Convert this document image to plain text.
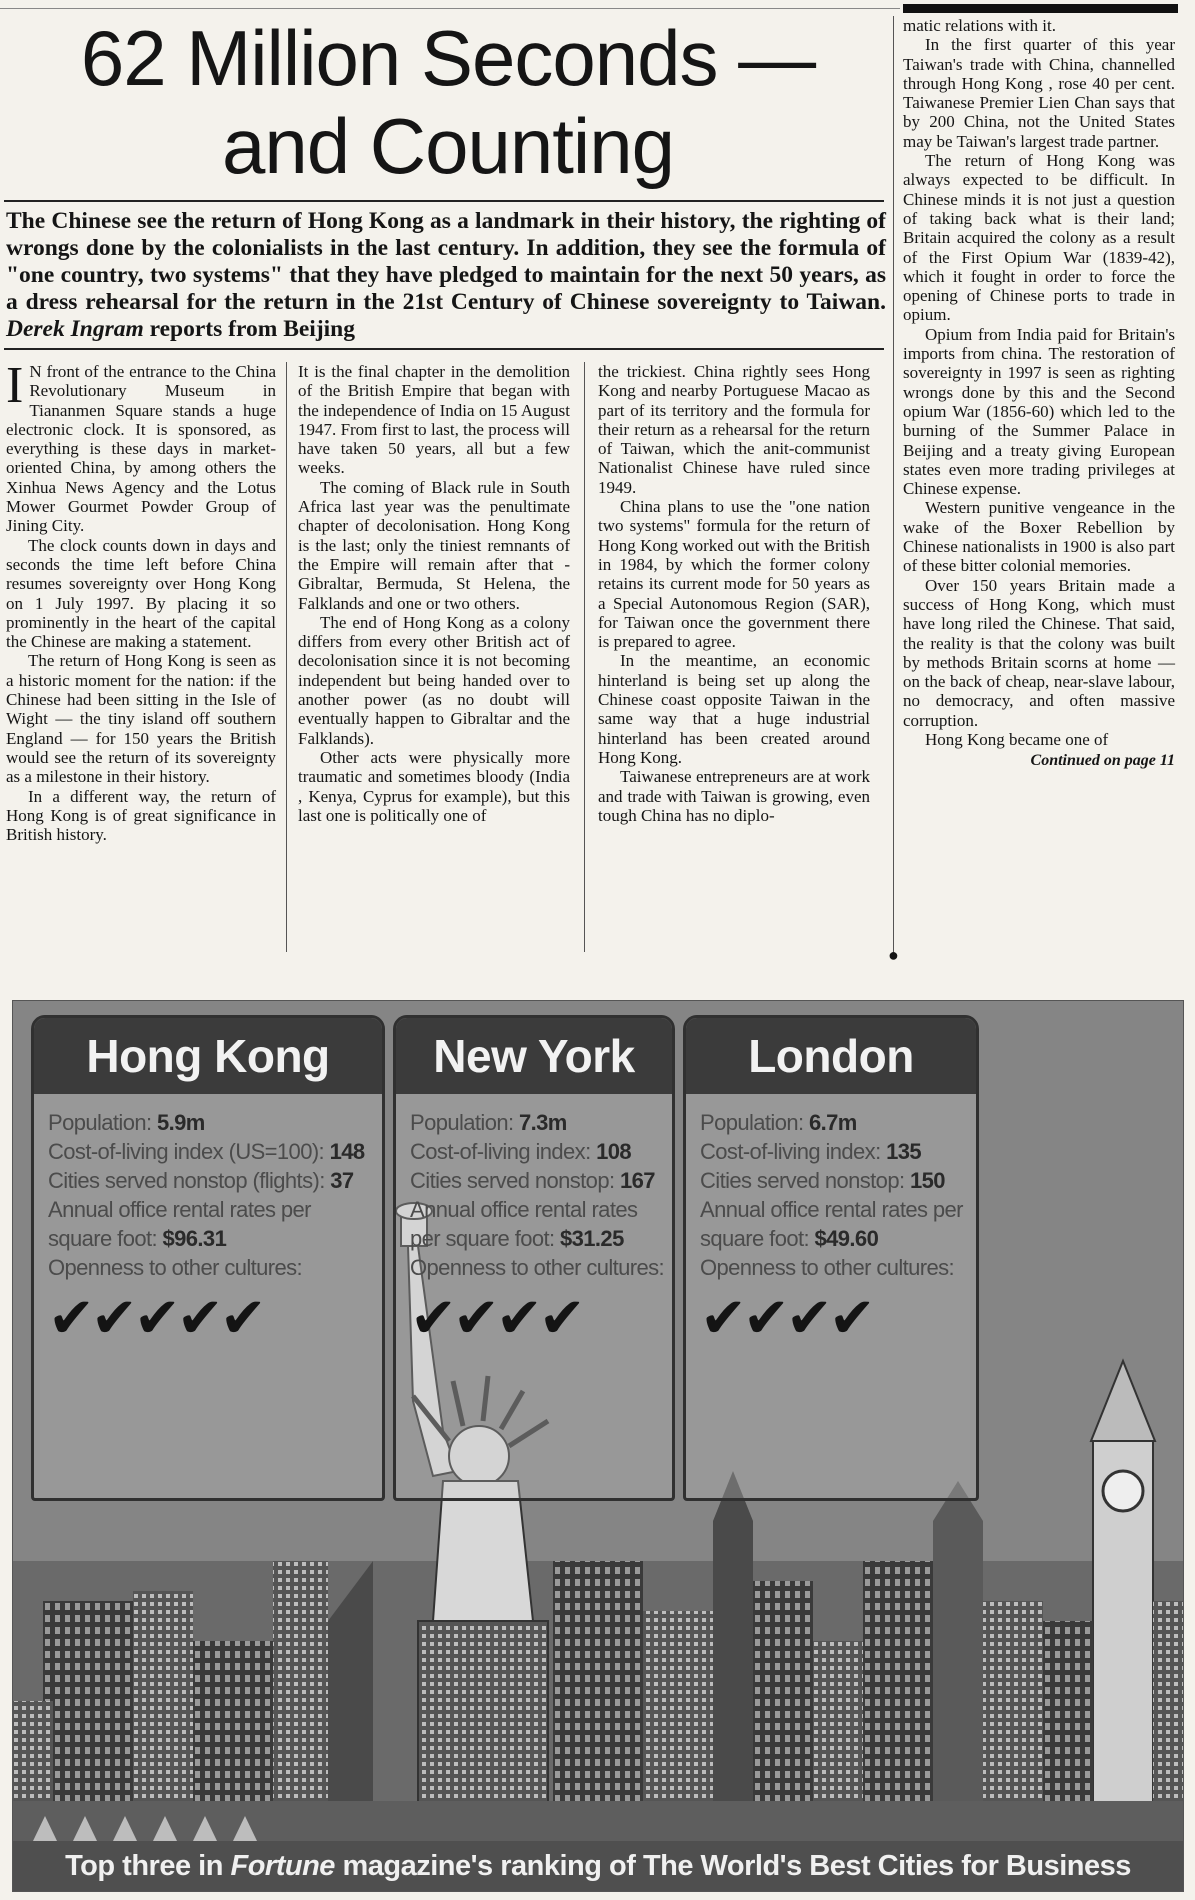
62 Million Seconds —
and Counting

The Chinese see the return of Hong Kong as a landmark in their history, the righting of wrongs done by the colonialists in the last century. In addition, they see the formula of "one country, two systems" that they have pledged to maintain for the next 50 years, as a dress rehearsal for the return in the 21st Century of Chinese sovereignty to Taiwan. Derek Ingram reports from Beijing

I N front of the entrance to the China Revolutionary Museum in Tiananmen Square stands a huge electronic clock. It is sponsored, as everything is these days in market-oriented China, by among others the Xinhua News Agency and the Lotus Mower Gourmet Powder Group of Jining City.

The clock counts down in days and seconds the time left before China resumes sovereignty over Hong Kong on 1 July 1997. By placing it so prominently in the heart of the capital the Chinese are making a statement.

The return of Hong Kong is seen as a historic moment for the nation: if the Chinese had been sitting in the Isle of Wight — the tiny island off southern England — for 150 years the British would see the return of its sovereignty as a milestone in their history.

In a different way, the return of Hong Kong is of great significance in British history.

It is the final chapter in the demolition of the British Empire that began with the independence of India on 15 August 1947. From first to last, the process will have taken 50 years, all but a few weeks.

The coming of Black rule in South Africa last year was the penultimate chapter of decolonisation. Hong Kong is the last; only the tiniest remnants of the Empire will remain after that - Gibraltar, Bermuda, St Helena, the Falklands and one or two others.

The end of Hong Kong as a colony differs from every other British act of decolonisation since it is not becoming independent but being handed over to another power (as no doubt will eventually happen to Gibraltar and the Falklands).

Other acts were physically more traumatic and sometimes bloody (India , Kenya, Cyprus for example), but this last one is politically one of

the trickiest. China rightly sees Hong Kong and nearby Portuguese Macao as part of its territory and the formula for their return as a rehearsal for the return of Taiwan, which the anit-communist Nationalist Chinese have ruled since 1949.

China plans to use the "one nation two systems" formula for the return of Hong Kong worked out with the British in 1984, by which the former colony retains its current mode for 50 years as a Special Autonomous Region (SAR), for Taiwan once the government there is prepared to agree.

In the meantime, an economic hinterland is being set up along the Chinese coast opposite Taiwan in the same way that a huge industrial hinterland has been created around Hong Kong.

Taiwanese entrepreneurs are at work and trade with Taiwan is growing, even tough China has no diplo-

●

matic relations with it.

In the first quarter of this year Taiwan's trade with China, channelled through Hong Kong , rose 40 per cent. Taiwanese Premier Lien Chan says that by 200 China, not the United States may be Taiwan's largest trade partner.

The return of Hong Kong was always expected to be difficult. In Chinese minds it is not just a question of taking back what is their land; Britain acquired the colony as a result of the First Opium War (1839-42), which it fought in order to force the opening of Chinese ports to trade in opium.

Opium from India paid for Britain's imports from china. The restoration of sovereignty in 1997 is seen as righting wrongs done by this and the Second opium War (1856-60) which led to the burning of the Summer Palace in Beijing and a treaty giving European states even more trading privileges at Chinese expense.

Western punitive vengeance in the wake of the Boxer Rebellion by Chinese nationalists in 1900 is also part of these bitter colonial memories.

Over 150 years Britain made a success of Hong Kong, which must have long riled the Chinese. That said, the reality is that the colony was built by methods Britain scorns at home — on the back of cheap, near-slave labour, no democracy, and often massive corruption.

Hong Kong became one of

Continued on page 11
Hong Kong
Population: 5.9m
Cost-of-living index (US=100): 148
Cities served nonstop (flights): 37
Annual office rental rates per square foot: $96.31
Openness to other cultures:
✔✔✔✔✔
New York
Population: 7.3m
Cost-of-living index: 108
Cities served nonstop: 167
Annual office rental rates per square foot: $31.25
Openness to other cultures:
✔✔✔✔
London
Population: 6.7m
Cost-of-living index: 135
Cities served nonstop: 150
Annual office rental rates per square foot: $49.60
Openness to other cultures:
✔✔✔✔
Top three in Fortune magazine's ranking of The World's Best Cities for Business
